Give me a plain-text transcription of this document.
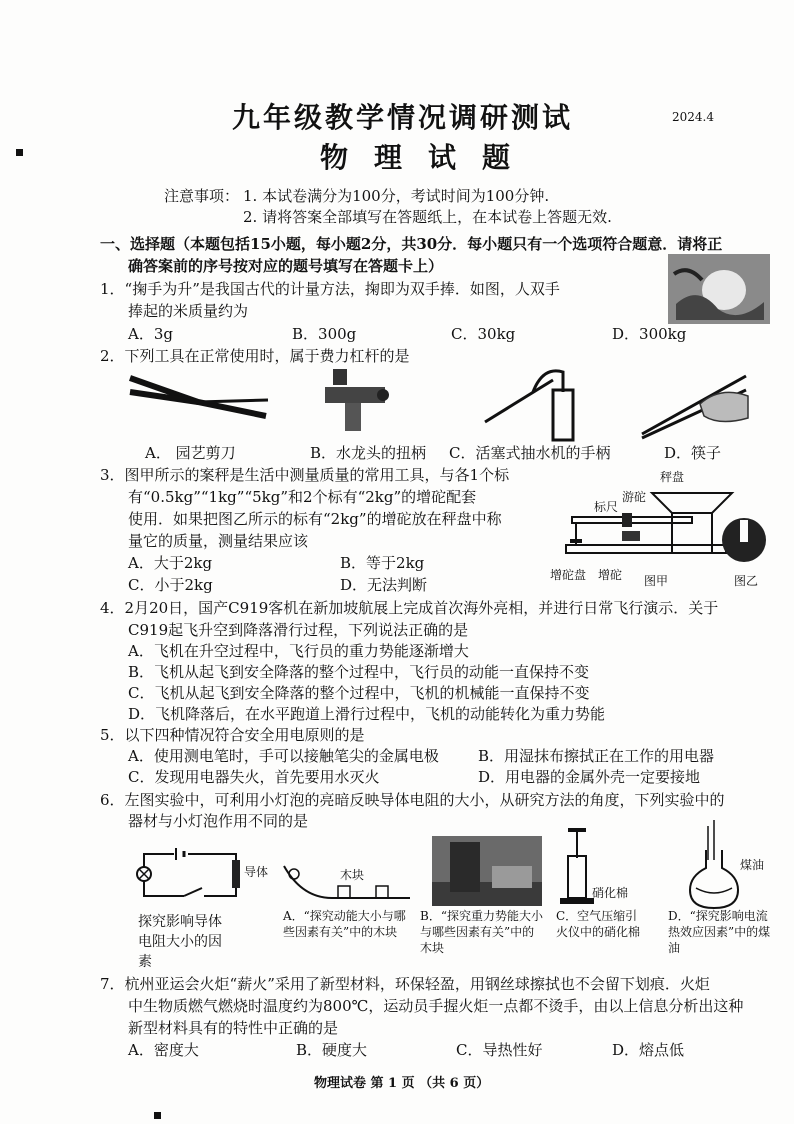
九年级教学情况调研测试	2024.4
物理试题
注意事项： 1. 本试卷满分为100分，考试时间为100分钟.
2. 请将答案全部填写在答题纸上，在本试卷上答题无效.
一、选择题（本题包括15小题，每小题2分，共30分．每小题只有一个选项符合题意．请将正
确答案前的序号按对应的题号填写在答题卡上）
1．“掬手为升”是我国古代的计量方法，掬即为双手捧．如图，人双手
捧起的米质量约为
A．3g	B．300g	C．30kg	D．300kg
2．下列工具在正常使用时，属于费力杠杆的是
A． 园艺剪刀	B．水龙头的扭柄 C．活塞式抽水机的手柄	D．筷子
3．图甲所示的案秤是生活中测量质量的常用工具，与各1个标
有“0.5kg”“1kg”“5kg”和2个标有“2kg”的增砣配套
使用．如果把图乙所示的标有“2kg”的增砣放在秤盘中称
量它的质量，测量结果应该
A．大于2kg	B．等于2kg
C．小于2kg	D．无法判断
秤盘
标尺
游砣
增砣盘 增砣 图甲	图乙
4．2月20日，国产C919客机在新加坡航展上完成首次海外亮相，并进行日常飞行演示．关于
C919起飞升空到降落滑行过程，下列说法正确的是
A．飞机在升空过程中，飞行员的重力势能逐渐增大
B．飞机从起飞到安全降落的整个过程中，飞行员的动能一直保持不变
C．飞机从起飞到安全降落的整个过程中，飞机的机械能一直保持不变
D．飞机降落后，在水平跑道上滑行过程中，飞机的动能转化为重力势能
5．以下四种情况符合安全用电原则的是
A．使用测电笔时，手可以接触笔尖的金属电极	B．用湿抹布擦拭正在工作的用电器
C．发现用电器失火，首先要用水灭火	D．用电器的金属外壳一定要接地
6．左图实验中，可利用小灯泡的亮暗反映导体电阻的大小，从研究方法的角度，下列实验中的
器材与小灯泡作用不同的是
导体	木块
硝化棉
煤油
探究影响导体电阻大小的因素
A．“探究动能大小与哪些因素有关”中的木块
B．“探究重力势能大小与哪些因素有关”中的木块
C．空气压缩引火仪中的硝化棉
D．“探究影响电流热效应因素”中的煤油
7．杭州亚运会火炬“薪火”采用了新型材料，环保轻盈，用钢丝球擦拭也不会留下划痕．火炬
中生物质燃气燃烧时温度约为800℃，运动员手握火炬一点都不烫手，由以上信息分析出这种
新型材料具有的特性中正确的是
A．密度大	B．硬度大	C．导热性好	D．熔点低
物理试卷 第 1 页 （共 6 页）
